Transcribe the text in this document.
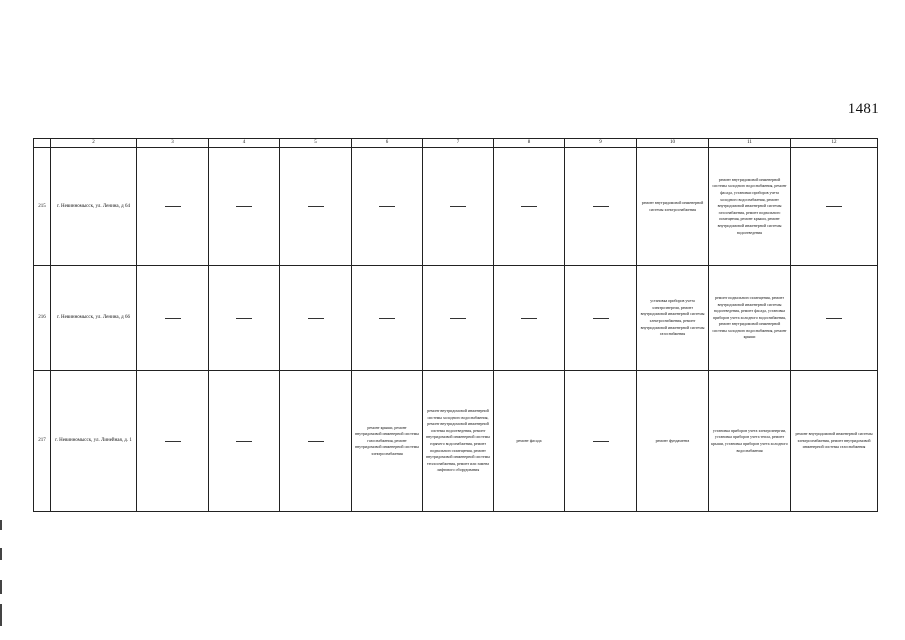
1481
	2	3	4	5	6	7	8	9	10	11	12
215	г. Невинномысск, ул. Ленина, д 64								ремонт внутридомовой инженерной системы электроснабжения	ремонт внутридомовой инженерной системы холодного водоснабжения, ремонт фасада, установки приборов учета холодного водоснабжения, ремонт внутридомовой инженерной системы газоснабжения, ремонт подвального помещения, ремонт крыши, ремонт внутридомовой инженерной системы водоотведения	
216	г. Невинномысск, ул. Ленина, д 66								установка приборов учета электроэнергии, ремонт внутридомовой инженерной системы электроснабжения, ремонт внутридомовой инженерной системы газоснабжения	ремонт подвального помещения, ремонт внутридомовой инженерной системы водоотведения, ремонт фасада, установка приборов учета холодного водоснабжения, ремонт внутридомовой инженерной системы холодного водоснабжения, ремонт крыши	
217	г. Невинномысск, ул. Линейная, д. 1				ремонт крыши, ремонт внутридомовой инженерной системы газоснабжения, ремонт внутридомовой инженерной системы электроснабжения	ремонт внутридомовой инженерной системы холодного водоснабжения, ремонт внутридомовой инженерной системы водоотведения, ремонт внутридомовой инженерной системы горячего водоснабжения, ремонт подвального помещения, ремонт внутридомовой инженерной системы теплоснабжения, ремонт или замена лифтового оборудования	ремонт фасада		ремонт фундамента	установка приборов учета электроэнергии, установка приборов учета тепла, ремонт крыши, установка приборов учета холодного водоснабжения	ремонт внутридомовой инженерной системы электроснабжения, ремонт внутридомовой инженерной системы газоснабжения
